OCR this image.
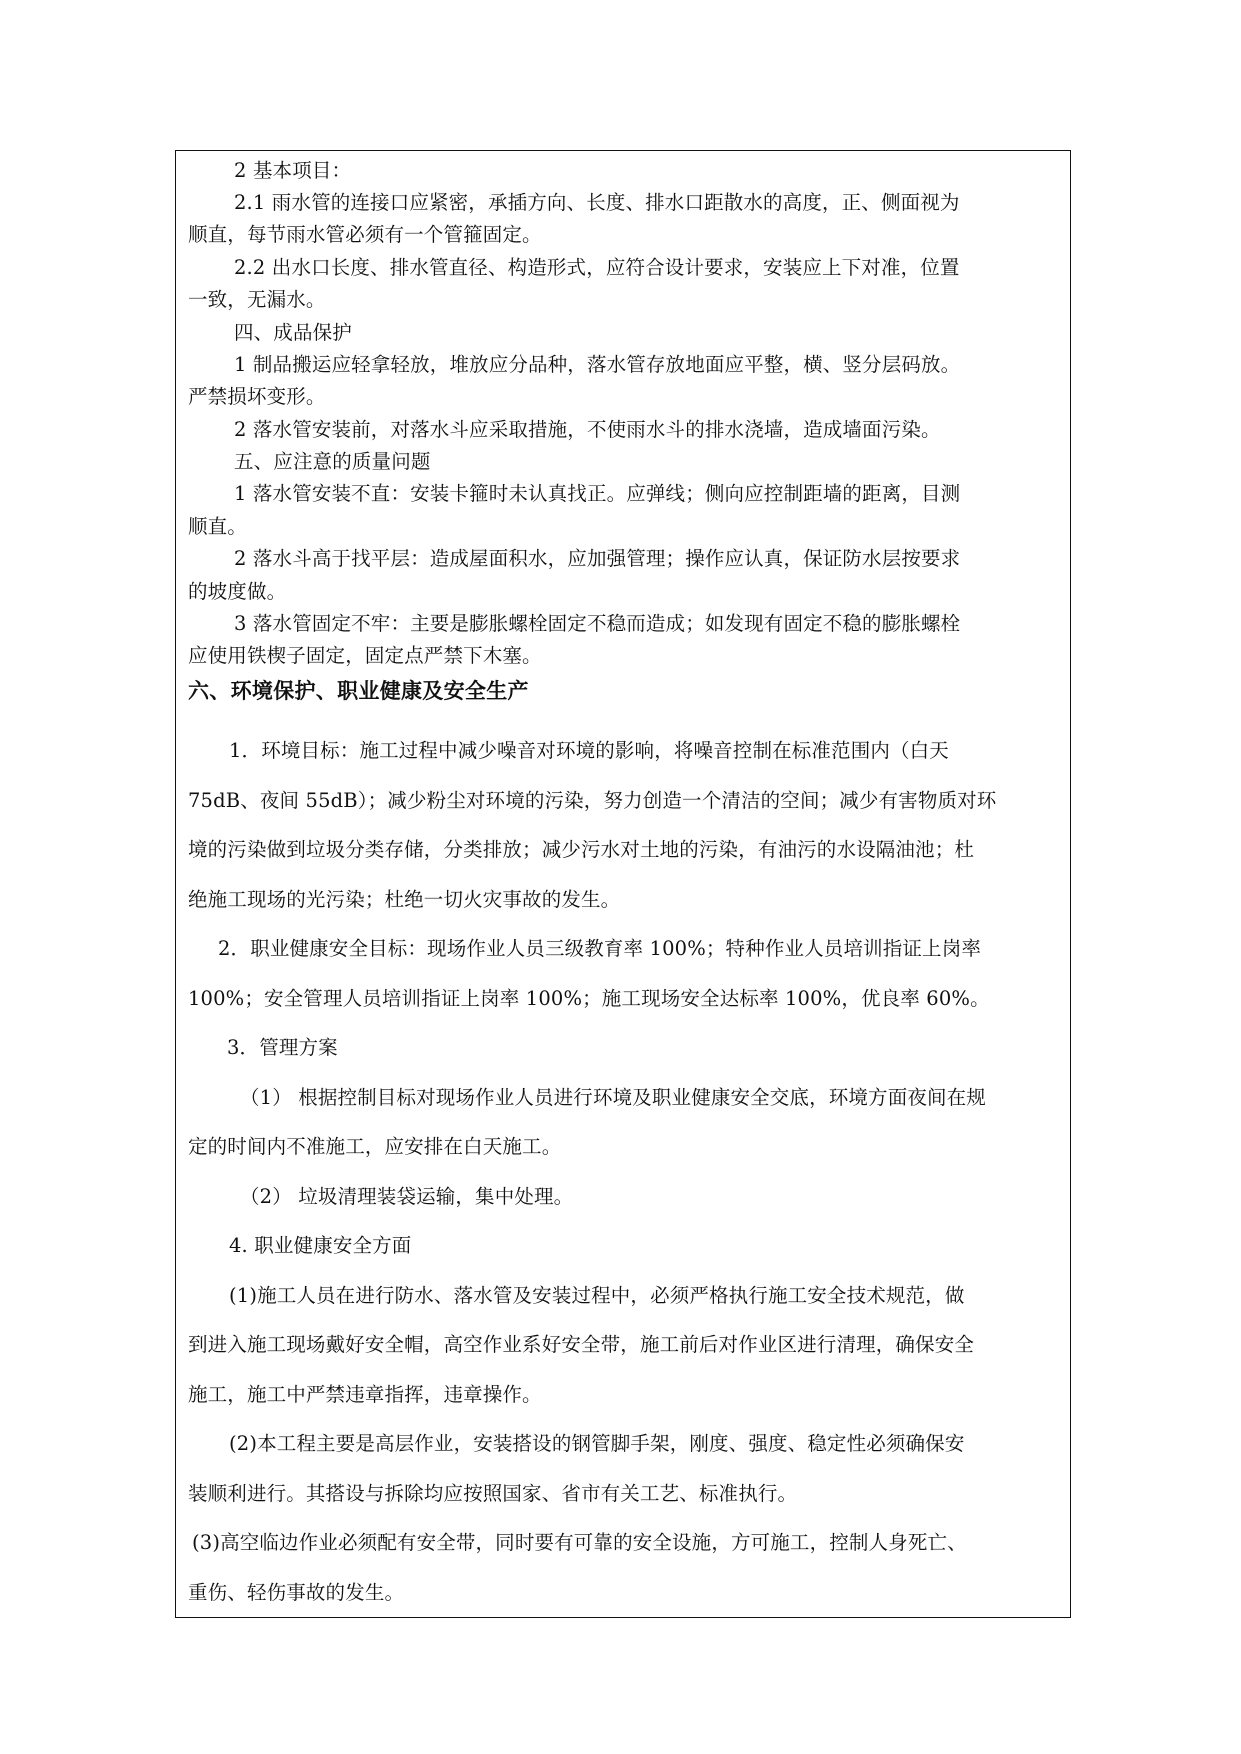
2 基本项目：

2.1 雨水管的连接口应紧密，承插方向、长度、排水口距散水的高度，正、侧面视为

顺直，每节雨水管必须有一个管箍固定。

2.2 出水口长度、排水管直径、构造形式，应符合设计要求，安装应上下对准，位置

一致，无漏水。

四、成品保护

1 制品搬运应轻拿轻放，堆放应分品种，落水管存放地面应平整，横、竖分层码放。

严禁损坏变形。

2 落水管安装前，对落水斗应采取措施，不使雨水斗的排水浇墙，造成墙面污染。

五、应注意的质量问题

1 落水管安装不直：安装卡箍时未认真找正。应弹线；侧向应控制距墙的距离，目测

顺直。

2 落水斗高于找平层：造成屋面积水，应加强管理；操作应认真，保证防水层按要求

的坡度做。

3 落水管固定不牢：主要是膨胀螺栓固定不稳而造成；如发现有固定不稳的膨胀螺栓

应使用铁楔子固定，固定点严禁下木塞。

六、环境保护、职业健康及安全生产

1．环境目标：施工过程中减少噪音对环境的影响，将噪音控制在标准范围内（白天

75dB、夜间 55dB）；减少粉尘对环境的污染，努力创造一个清洁的空间；减少有害物质对环

境的污染做到垃圾分类存储，分类排放；减少污水对土地的污染，有油污的水设隔油池；杜

绝施工现场的光污染；杜绝一切火灾事故的发生。

2．职业健康安全目标：现场作业人员三级教育率 100%；特种作业人员培训指证上岗率

100%；安全管理人员培训指证上岗率 100%；施工现场安全达标率 100%，优良率 60%。

3．管理方案

（1） 根据控制目标对现场作业人员进行环境及职业健康安全交底，环境方面夜间在规

定的时间内不准施工，应安排在白天施工。

（2） 垃圾清理装袋运输，集中处理。

4. 职业健康安全方面

(1)施工人员在进行防水、落水管及安装过程中，必须严格执行施工安全技术规范，做

到进入施工现场戴好安全帽，高空作业系好安全带，施工前后对作业区进行清理，确保安全

施工，施工中严禁违章指挥，违章操作。

(2)本工程主要是高层作业，安装搭设的钢管脚手架，刚度、强度、稳定性必须确保安

装顺利进行。其搭设与拆除均应按照国家、省市有关工艺、标准执行。

(3)高空临边作业必须配有安全带，同时要有可靠的安全设施，方可施工，控制人身死亡、

重伤、轻伤事故的发生。
